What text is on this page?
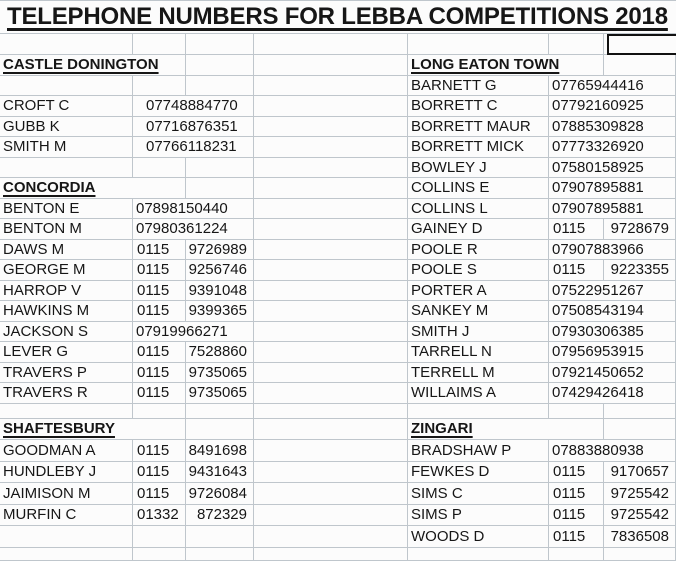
TELEPHONE NUMBERS FOR LEBBA COMPETITIONS 2018
CASTLE DONINGTON
CROFT C	07748884770
GUBB K	07716876351
SMITH M	07766118231
CONCORDIA
BENTON E	07898150440
BENTON M	07980361224
DAWS M	0115	9726989
GEORGE M	0115	9256746
HARROP V	0115	9391048
HAWKINS M	0115	9399365
JACKSON S	07919966271
LEVER G	0115	7528860
TRAVERS P	0115	9735065
TRAVERS R	0115	9735065
SHAFTESBURY
GOODMAN A	0115	8491698
HUNDLEBY J	0115	9431643
JAIMISON M	0115	9726084
MURFIN C	01332	872329
LONG EATON TOWN
BARNETT G	07765944416
BORRETT C	07792160925
BORRETT MAUR	07885309828
BORRETT MICK	07773326920
BOWLEY J	07580158925
COLLINS E	07907895881
COLLINS L	07907895881
GAINEY D	0115	9728679
POOLE R	07907883966
POOLE S	0115	9223355
PORTER A	07522951267
SANKEY M	07508543194
SMITH J	07930306385
TARRELL N	07956953915
TERRELL M	07921450652
WILLAIMS A	07429426418
ZINGARI
BRADSHAW P	07883880938
FEWKES D	0115	9170657
SIMS C	0115	9725542
SIMS P	0115	9725542
WOODS D	0115	7836508
